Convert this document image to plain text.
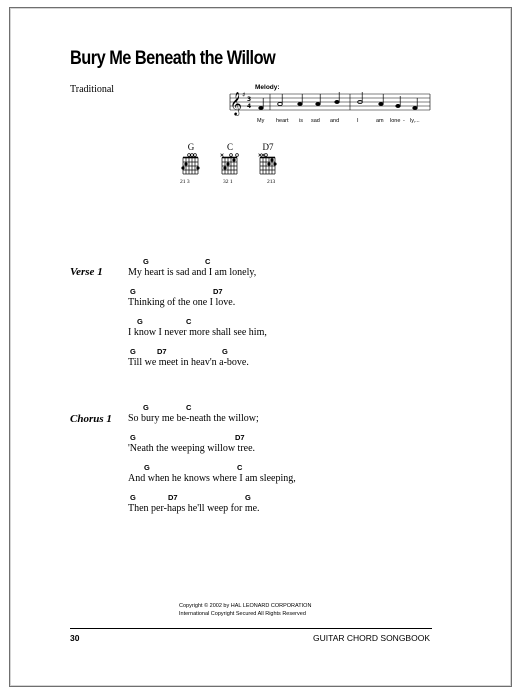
Bury Me Beneath the Willow
Traditional	Melody:
𝄞 ♯
3
4
My heart is sad and	I	am lone - ly,...
G
21 3
C
32 1
D7
213
Verse 1
G	C
My heart is sad and I am lonely,
G	D7
Thinking of the one I love.
G	C
I know I never more shall see him,
G	D7	G
Till we meet in heav'n a-bove.
Chorus 1
G	C
So bury me be-neath the willow;
G	D7
'Neath the weeping willow tree.
G	C
And when he knows where I am sleeping,
G	D7	G
Then per-haps he'll weep for me.
Copyright © 2002 by HAL LEONARD CORPORATION
International Copyright Secured All Rights Reserved
30	GUITAR CHORD SONGBOOK
